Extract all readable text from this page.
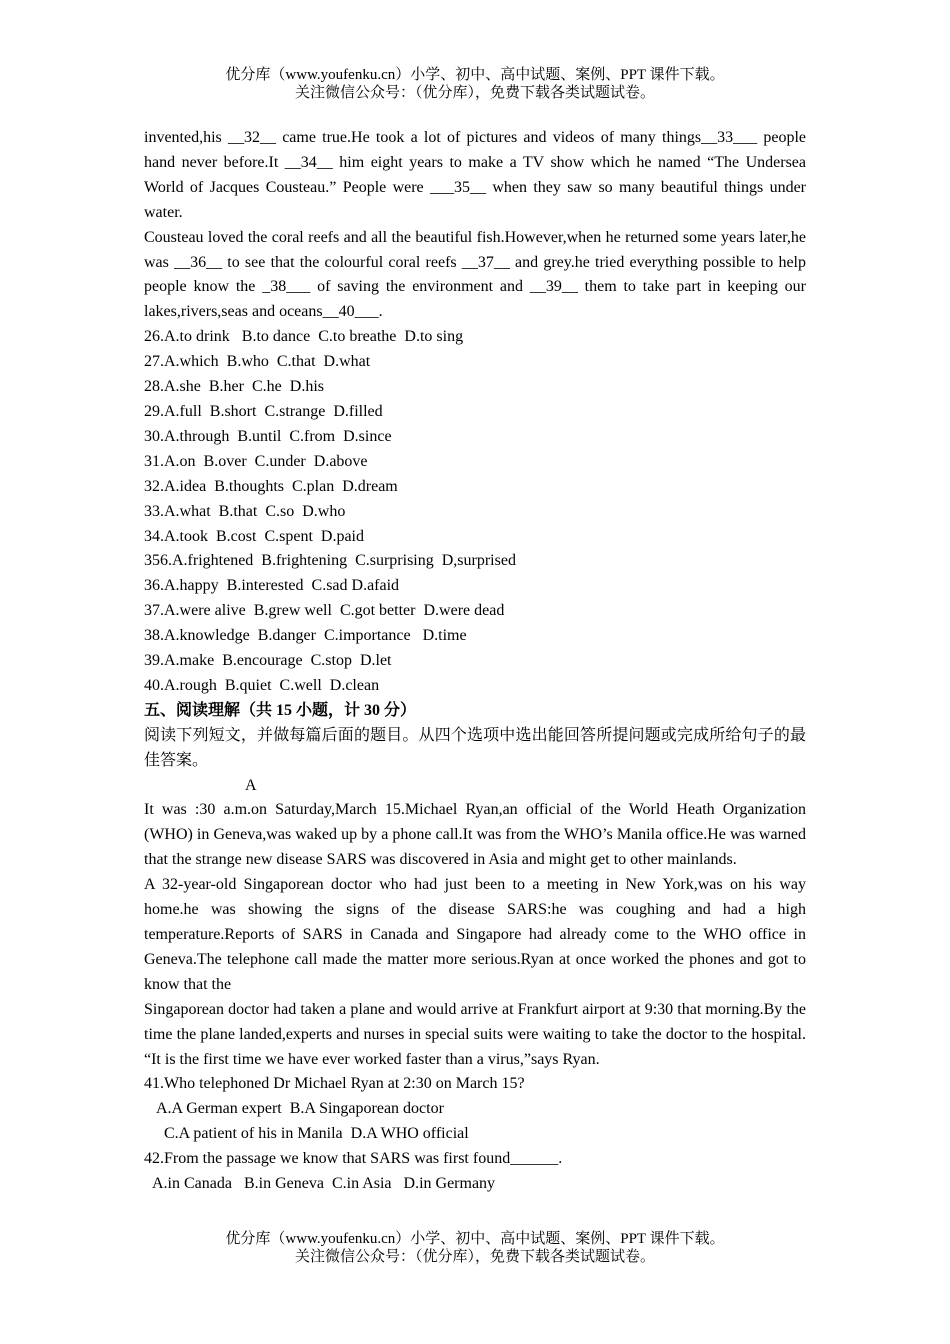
优分库（www.youfenku.cn）小学、初中、高中试题、案例、PPT 课件下载。
关注微信公众号：（优分库），免费下载各类试题试卷。

invented,his __32__ came true.He took a lot of pictures and videos of many things__33___ people hand never before.It __34__ him eight years to make a TV show which he named “The Undersea World of Jacques Cousteau.” People were ___35__ when they saw so many beautiful things under water.

Cousteau loved the coral reefs and all the beautiful fish.However,when he returned some years later,he was __36__ to see that the colourful coral reefs __37__ and grey.he tried everything possible to help people know the _38___ of saving the environment and __39__ them to take part in keeping our lakes,rivers,seas and oceans__40___.

26.A.to drink   B.to dance  C.to breathe  D.to sing

27.A.which  B.who  C.that  D.what

28.A.she  B.her  C.he  D.his

29.A.full  B.short  C.strange  D.filled

30.A.through  B.until  C.from  D.since

31.A.on  B.over  C.under  D.above

32.A.idea  B.thoughts  C.plan  D.dream

33.A.what  B.that  C.so  D.who

34.A.took  B.cost  C.spent  D.paid

356.A.frightened  B.frightening  C.surprising  D,surprised

36.A.happy  B.interested  C.sad D.afaid

37.A.were alive  B.grew well  C.got better  D.were dead

38.A.knowledge  B.danger  C.importance   D.time

39.A.make  B.encourage  C.stop  D.let

40.A.rough  B.quiet  C.well  D.clean

五、阅读理解（共 15 小题，计 30 分）

阅读下列短文，并做每篇后面的题目。从四个选项中选出能回答所提问题或完成所给句子的最佳答案。

A

It was :30 a.m.on Saturday,March 15.Michael Ryan,an official of the World Heath Organization (WHO) in Geneva,was waked up by a phone call.It was from the WHO’s Manila office.He was warned that the strange new disease SARS was discovered in Asia and might get to other mainlands.

A 32-year-old Singaporean doctor who had just been to a meeting in New York,was on his way home.he was showing the signs of the disease SARS:he was coughing and had a high temperature.Reports of SARS in Canada and Singapore had already come to the WHO office in Geneva.The telephone call made the matter more serious.Ryan at once worked the phones and got to know that the

Singaporean doctor had taken a plane and would arrive at Frankfurt airport at 9:30 that morning.By the time the plane landed,experts and nurses in special suits were waiting to take the doctor to the hospital. “It is the first time we have ever worked faster than a virus,”says Ryan.

41.Who telephoned Dr Michael Ryan at 2:30 on March 15?

A.A German expert  B.A Singaporean doctor

C.A patient of his in Manila  D.A WHO official

42.From the passage we know that SARS was first found______.

A.in Canada   B.in Geneva  C.in Asia   D.in Germany

优分库（www.youfenku.cn）小学、初中、高中试题、案例、PPT 课件下载。
关注微信公众号：（优分库），免费下载各类试题试卷。
